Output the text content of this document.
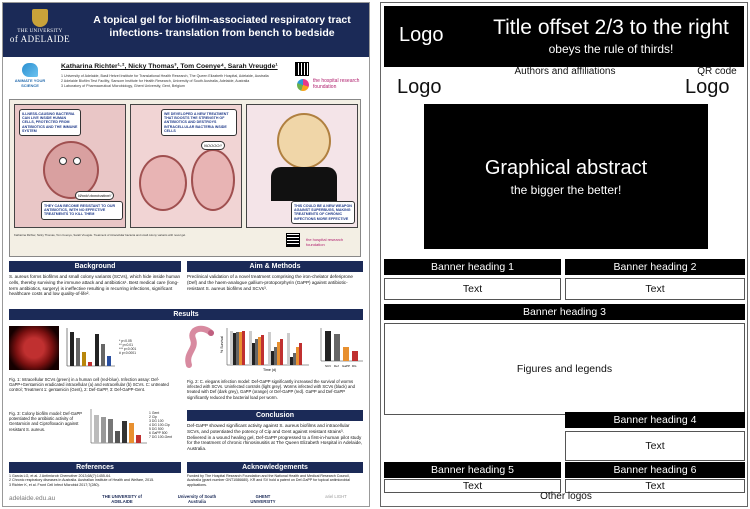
THE UNIVERSITY
of ADELAIDE
A topical gel for biofilm-associated respiratory tract infections- translation from bench to bedside
ANIMATE YOUR SCIENCE
Katharina Richter¹·², Nicky Thomas³, Tom Coenye⁴, Sarah Vreugde¹
1 University of Adelaide, Basil Hetzel Institute for Translational Health Research, The Queen Elizabeth Hospital, Adelaide, Australia
2 Adelaide Biofilm Test Facility, Sansom Institute for Health Research, University of South Australia, Adelaide, Australia
3 Laboratory of Pharmaceutical Microbiology, Ghent University, Gent, Belgium
the hospital research foundation
ILLNESS-CAUSING BACTERIA CAN LIVE INSIDE HUMAN CELLS, PROTECTED FROM ANTIBIOTICS AND THE IMMUNE SYSTEM
World domination!!
THEY CAN BECOME RESISTANT TO OUR ANTIBIOTICS, WITH NO EFFECTIVE TREATMENTS TO KILL THEM
WE DEVELOPED A NEW TREATMENT THAT BOOSTS THE STRENGTH OF ANTIBIOTICS AND DESTROYS INTRACELLULAR BACTERIA INSIDE CELLS
NOOOO!!
THIS COULD BE A NEW WEAPON AGAINST SUPERBUGS, MAKING TREATMENTS OF CHRONIC INFECTIONS MORE EFFECTIVE
Katharina Richter, Nicky Thomas, Tom Coenye, Sarah Vreugde. Treatment of intracellular bacteria and small colony variants with novel gel.
the hospital research foundation
Background	Aim & Methods
S. aureus forms biofilms and small colony variants (SCVs), which hide inside human cells, thereby surviving the immune attack and antibiotics¹. Best medical care (long-term antibiotics, surgery) is ineffective resulting in recurring infections, significant healthcare costs and low quality-of-life².
Preclinical validation of a novel treatment comprising the iron-chelator deferiprone (Def) and the haem-analogue gallium-protoporphyrin (GaPP) against antibiotic-resistant S. aureus biofilms and SCVs³.
Results
* p<0.05
** p<0.01
*** p<0.001
# p<0.0001	% Survival
Time (d)
SCV Def GaPP DG
Fig. 1: Intracellular SCVs (green) in a human cell (red-blue). Infection assay: Def-GaPP+Gentamicin eradicated intracellular (a) and extracellular (b) SCVs. C: untreated control; Treatment 1: gentamicin (Gent), 2: Def-GaPP, 3: Def-GaPP-Gent.
Fig. 2: C. elegans infection model: Def-GaPP significantly increased the survival of worms infected with SCVs. Uninfected controls (light grey). Worms infected with SCVs (black) and treated with Def (dark grey), GaPP (orange) or Def-GaPP (red). GaPP and Def-GaPP significantly reduced the bacterial load per worm.
Fig. 3: Colony biofilm model: Def-GaPP potentiated the antibiotic activity of Gentamicin and Ciprofloxacin against resistant S. aureus.
1 Gent
2 Cip
3 DG 100
4 DG 100-Cip
5 DG 500
6 GaPP 500
7 DG 100-Gent
Conclusion
Def-GaPP showed significant activity against S. aureus biofilms and intracellular SCVs, and potentiated the potency of Cip and Gent against resistant strains³. Delivered in a wound healing gel, Def-GaPP progressed to a first-in-human pilot study for the treatment of chronic rhinosinusitis at The Queen Elizabeth Hospital in Adelaide, Australia.
References	Acknowledgements
1 Garcia LG, et al. J Antimicrob Chemother 2013;68(7):1455-64.
2 Chronic respiratory diseases in Australia. Australian Institute of Health and Welfare, 2015.
3 Richter K, et al. Front Cell Infect Microbiol 2017;7(280).
Funded by The Hospital Research Foundation and the National Health and Medical Research Council, Australia (grant number GNT1086680). KR and SV hold a patent on Def-GaPP for topical antimicrobial applications.
adelaide.edu.au	THE UNIVERSITY of ADELAIDE
University of South Australia
GHENT UNIVERSITY
ariel LIGHT
Logo	Title offset 2/3 to the right
obeys the rule of thirds!
Authors and affiliations	QR code
Logo	Logo
Graphical abstract
the bigger the better!
Banner heading 1	Banner heading 2
Text	Text
Banner heading 3
Figures and legends
Banner heading 4
Text
Banner heading 5	Banner heading 6
Text	Text
Other logos
